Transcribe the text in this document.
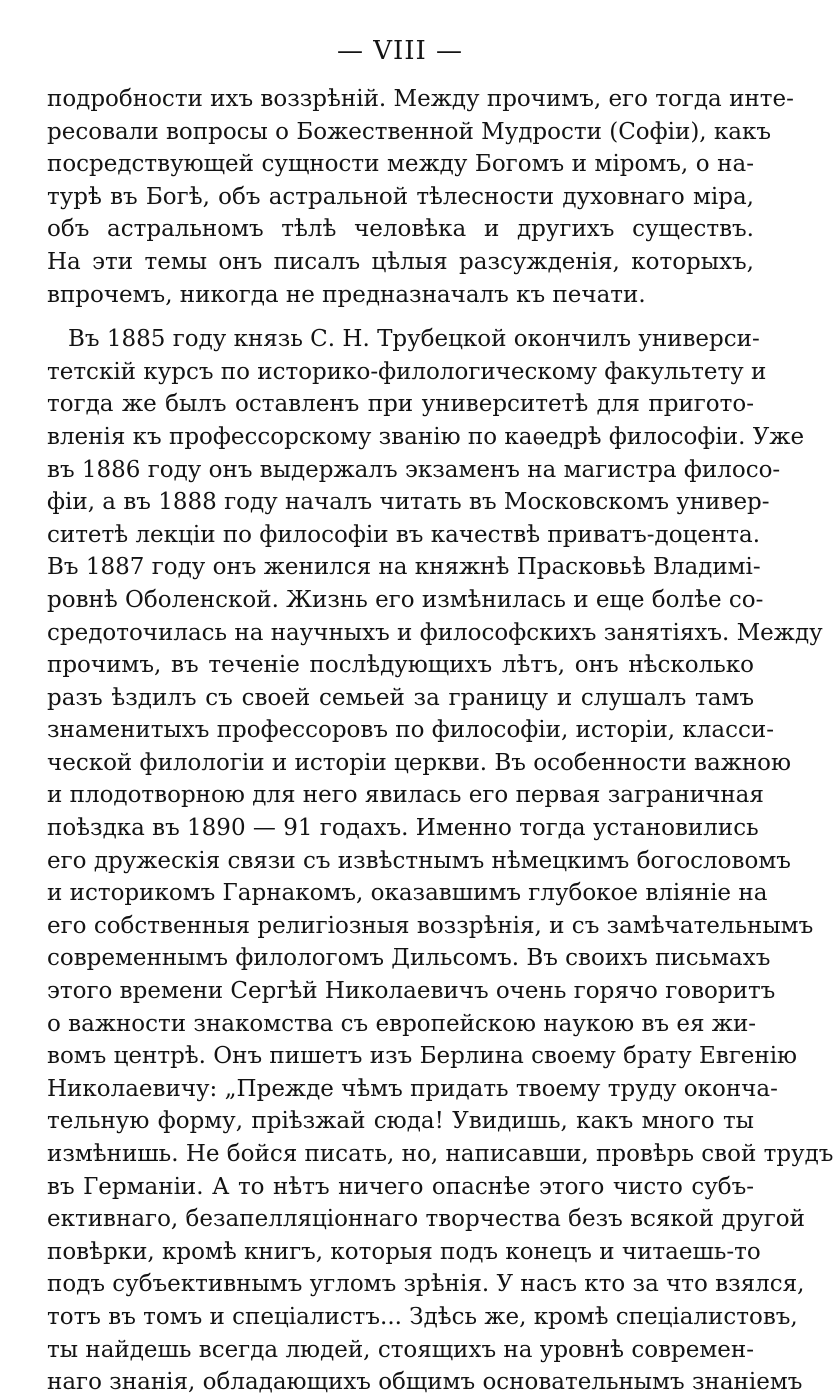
— VIII —
подробности ихъ воззрѣній. Между прочимъ, его тогда инте-
ресовали вопросы о Божественной Мудрости (Софіи), какъ
посредствующей сущности между Богомъ и міромъ, о на-
турѣ въ Богѣ, объ астральной тѣлесности духовнаго міра,
объ астральномъ тѣлѣ человѣка и другихъ существъ.
На эти темы онъ писалъ цѣлыя разсужденія, которыхъ,
впрочемъ, никогда не предназначалъ къ печати.
Въ 1885 году князь С. Н. Трубецкой окончилъ универси-
тетскій курсъ по историко-филологическому факультету и
тогда же былъ оставленъ при университетѣ для пригото-
вленія къ профессорскому званію по каѳедрѣ философіи. Уже
въ 1886 году онъ выдержалъ экзаменъ на магистра филосо-
фіи, а въ 1888 году началъ читать въ Московскомъ универ-
ситетѣ лекціи по философіи въ качествѣ приватъ-доцента.
Въ 1887 году онъ женился на княжнѣ Прасковьѣ Владимі-
ровнѣ Оболенской. Жизнь его измѣнилась и еще болѣе со-
средоточилась на научныхъ и философскихъ занятіяхъ. Между
прочимъ, въ теченіе послѣдующихъ лѣтъ, онъ нѣсколько
разъ ѣздилъ съ своей семьей за границу и слушалъ тамъ
знаменитыхъ профессоровъ по философіи, исторіи, класси-
ческой филологіи и исторіи церкви. Въ особенности важною
и плодотворною для него явилась его первая заграничная
поѣздка въ 1890 — 91 годахъ. Именно тогда установились
его дружескія связи съ извѣстнымъ нѣмецкимъ богословомъ
и историкомъ Гарнакомъ, оказавшимъ глубокое вліяніе на
его собственныя религіозныя воззрѣнія, и съ замѣчательнымъ
современнымъ филологомъ Дильсомъ. Въ своихъ письмахъ
этого времени Сергѣй Николаевичъ очень горячо говоритъ
о важности знакомства съ европейскою наукою въ ея жи-
вомъ центрѣ. Онъ пишетъ изъ Берлина своему брату Евгенію
Николаевичу: „Прежде чѣмъ придать твоему труду оконча-
тельную форму, пріѣзжай сюда! Увидишь, какъ много ты
измѣнишь. Не бойся писать, но, написавши, провѣрь свой трудъ
въ Германіи. А то нѣтъ ничего опаснѣе этого чисто субъ-
ективнаго, безапелляціоннаго творчества безъ всякой другой
повѣрки, кромѣ книгъ, которыя подъ конецъ и читаешь-то
подъ субъективнымъ угломъ зрѣнія. У насъ кто за что взялся,
тотъ въ томъ и спеціалистъ... Здѣсь же, кромѣ спеціалистовъ,
ты найдешь всегда людей, стоящихъ на уровнѣ современ-
наго знанія, обладающихъ общимъ основательнымъ знаніемъ
